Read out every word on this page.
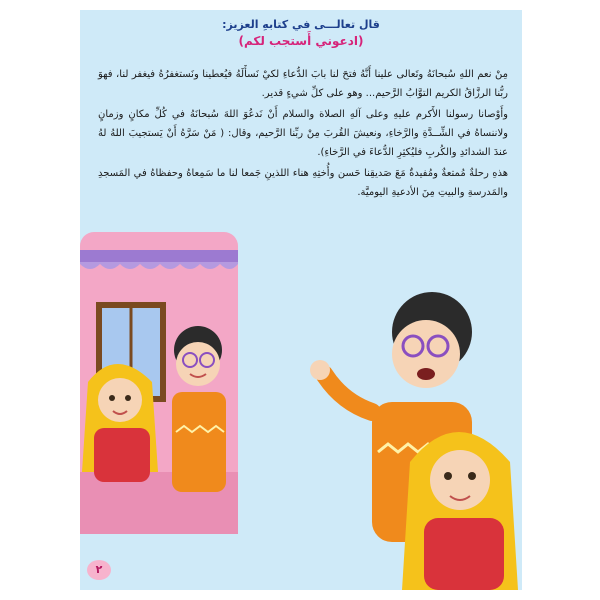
قال تعالـــى في كتابهِ العزيز:
(ادعوني أَستجب لكم)

مِنْ نعم اللهِ سُبحانَهُ وتَعالى علينا أَنَّهُ فتحَ لنا بابَ الدُّعاءِ لكيْ نَسأَلَهُ فيُعطينا ونَستغفرُهُ فيغفر لنا، فهوَ ربُّنا الرزَّاقُ الكريم التوَّابُ الرَّحيم... وهو على كلِّ شيءٍ قدير.

وأَوْصانا رسولنا الأَكرم عليهِ وعلى آلهِ الصلاة والسلام أَنْ نَدعُوَ اللهَ سُبحانَهُ في كُلِّ مكانٍ وزمانٍ ولاننساهُ في الشِّــدَّةِ والرَّخاءِ، ونعيشَ القُربَ مِنْ ربِّنا الرَّحيم، وقال: ( مَنْ سَرَّهُ أَنْ يَستجيبَ اللهُ لهُ عندَ الشدائدِ والكُربِ فليُكثِرِ الدُّعاءَ في الرَّخاءِ).

هذهِ رحلةٌ مُمتعةٌ ومُفيدةٌ مَعَ صَديقِنا حَسن وأُختِهِ هناء اللذينِ جَمعا لنا ما سَمِعاهُ وحفظاهُ في المَسجدِ والمَدرسةِ والبيتِ مِنَ الأدعيةِ اليوميَّة.

٢
